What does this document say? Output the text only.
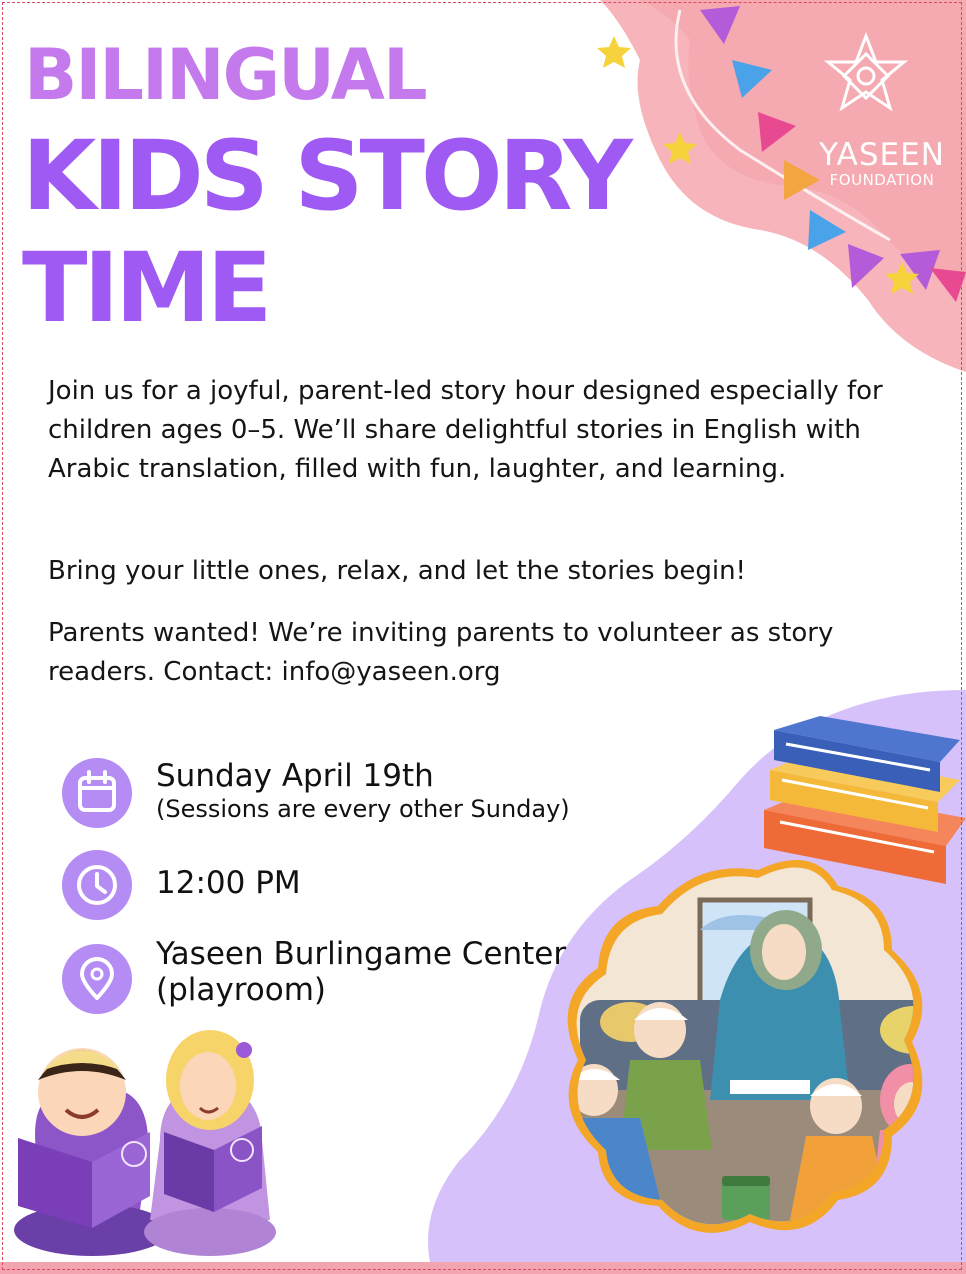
YASEEN
FOUNDATION
BILINGUAL
KIDS STORY
TIME

Join us for a joyful, parent-led story hour designed especially for children ages 0–5. We’ll share delightful stories in English with Arabic translation, filled with fun, laughter, and learning.

Bring your little ones, relax, and let the stories begin!

Parents wanted! We’re inviting parents to volunteer as story readers. Contact: info@yaseen.org

Sunday April 19th
(Sessions are every other Sunday)
12:00 PM
Yaseen Burlingame Center
(playroom)
